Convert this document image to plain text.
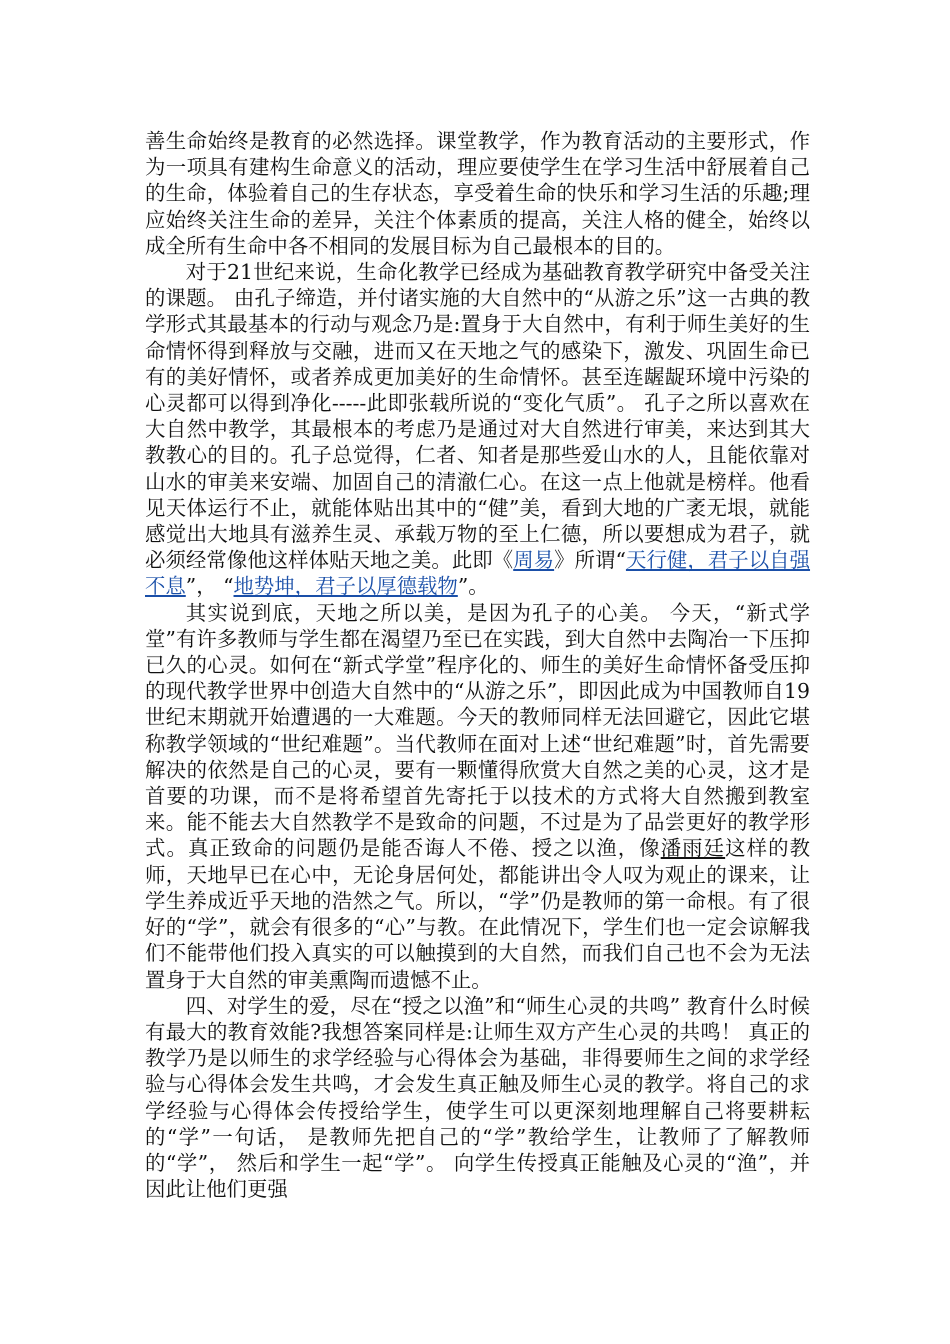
善生命始终是教育的必然选择。课堂教学，作为教育活动的主要形式，作为一项具有建构生命意义的活动，理应要使学生在学习生活中舒展着自己的生命，体验着自己的生存状态，享受着生命的快乐和学习生活的乐趣;理应始终关注生命的差异，关注个体素质的提高，关注人格的健全，始终以成全所有生命中各不相同的发展目标为自己最根本的目的。

对于21世纪来说，生命化教学已经成为基础教育教学研究中备受关注的课题。 由孔子缔造，并付诸实施的大自然中的“从游之乐”这一古典的教学形式其最基本的行动与观念乃是:置身于大自然中，有利于师生美好的生命情怀得到释放与交融，进而又在天地之气的感染下，激发、巩固生命已有的美好情怀，或者养成更加美好的生命情怀。甚至连龌龊环境中污染的心灵都可以得到净化-----此即张载所说的“变化气质”。 孔子之所以喜欢在大自然中教学，其最根本的考虑乃是通过对大自然进行审美，来达到其大教教心的目的。孔子总觉得，仁者、知者是那些爱山水的人，且能依靠对山水的审美来安端、加固自己的清澈仁心。在这一点上他就是榜样。他看见天体运行不止，就能体贴出其中的“健”美，看到大地的广袤无垠，就能感觉出大地具有滋养生灵、承载万物的至上仁德，所以要想成为君子，就必须经常像他这样体贴天地之美。此即《周易》所谓“天行健，君子以自强不息”， “地势坤，君子以厚德载物”。

其实说到底，天地之所以美，是因为孔子的心美。 今天，“新式学堂”有许多教师与学生都在渴望乃至已在实践，到大自然中去陶冶一下压抑已久的心灵。如何在“新式学堂”程序化的、师生的美好生命情怀备受压抑的现代教学世界中创造大自然中的“从游之乐”，即因此成为中国教师自19世纪末期就开始遭遇的一大难题。今天的教师同样无法回避它，因此它堪称教学领域的“世纪难题”。当代教师在面对上述“世纪难题”时，首先需要解决的依然是自己的心灵，要有一颗懂得欣赏大自然之美的心灵，这才是首要的功课，而不是将希望首先寄托于以技术的方式将大自然搬到教室来。能不能去大自然教学不是致命的问题，不过是为了品尝更好的教学形式。真正致命的问题仍是能否诲人不倦、授之以渔，像潘雨廷这样的教师，天地早已在心中，无论身居何处，都能讲出令人叹为观止的课来，让学生养成近乎天地的浩然之气。所以，“学”仍是教师的第一命根。有了很好的“学”，就会有很多的“心”与教。在此情况下，学生们也一定会谅解我们不能带他们投入真实的可以触摸到的大自然，而我们自己也不会为无法置身于大自然的审美熏陶而遗憾不止。

四、对学生的爱，尽在“授之以渔”和“师生心灵的共鸣” 教育什么时候有最大的教育效能?我想答案同样是:让师生双方产生心灵的共鸣！ 真正的教学乃是以师生的求学经验与心得体会为基础，非得要师生之间的求学经验与心得体会发生共鸣，才会发生真正触及师生心灵的教学。将自己的求学经验与心得体会传授给学生，使学生可以更深刻地理解自己将要耕耘的“学”一句话， 是教师先把自己的“学”教给学生，让教师了了解教师的“学”， 然后和学生一起“学”。 向学生传授真正能触及心灵的“渔”，并因此让他们更强
